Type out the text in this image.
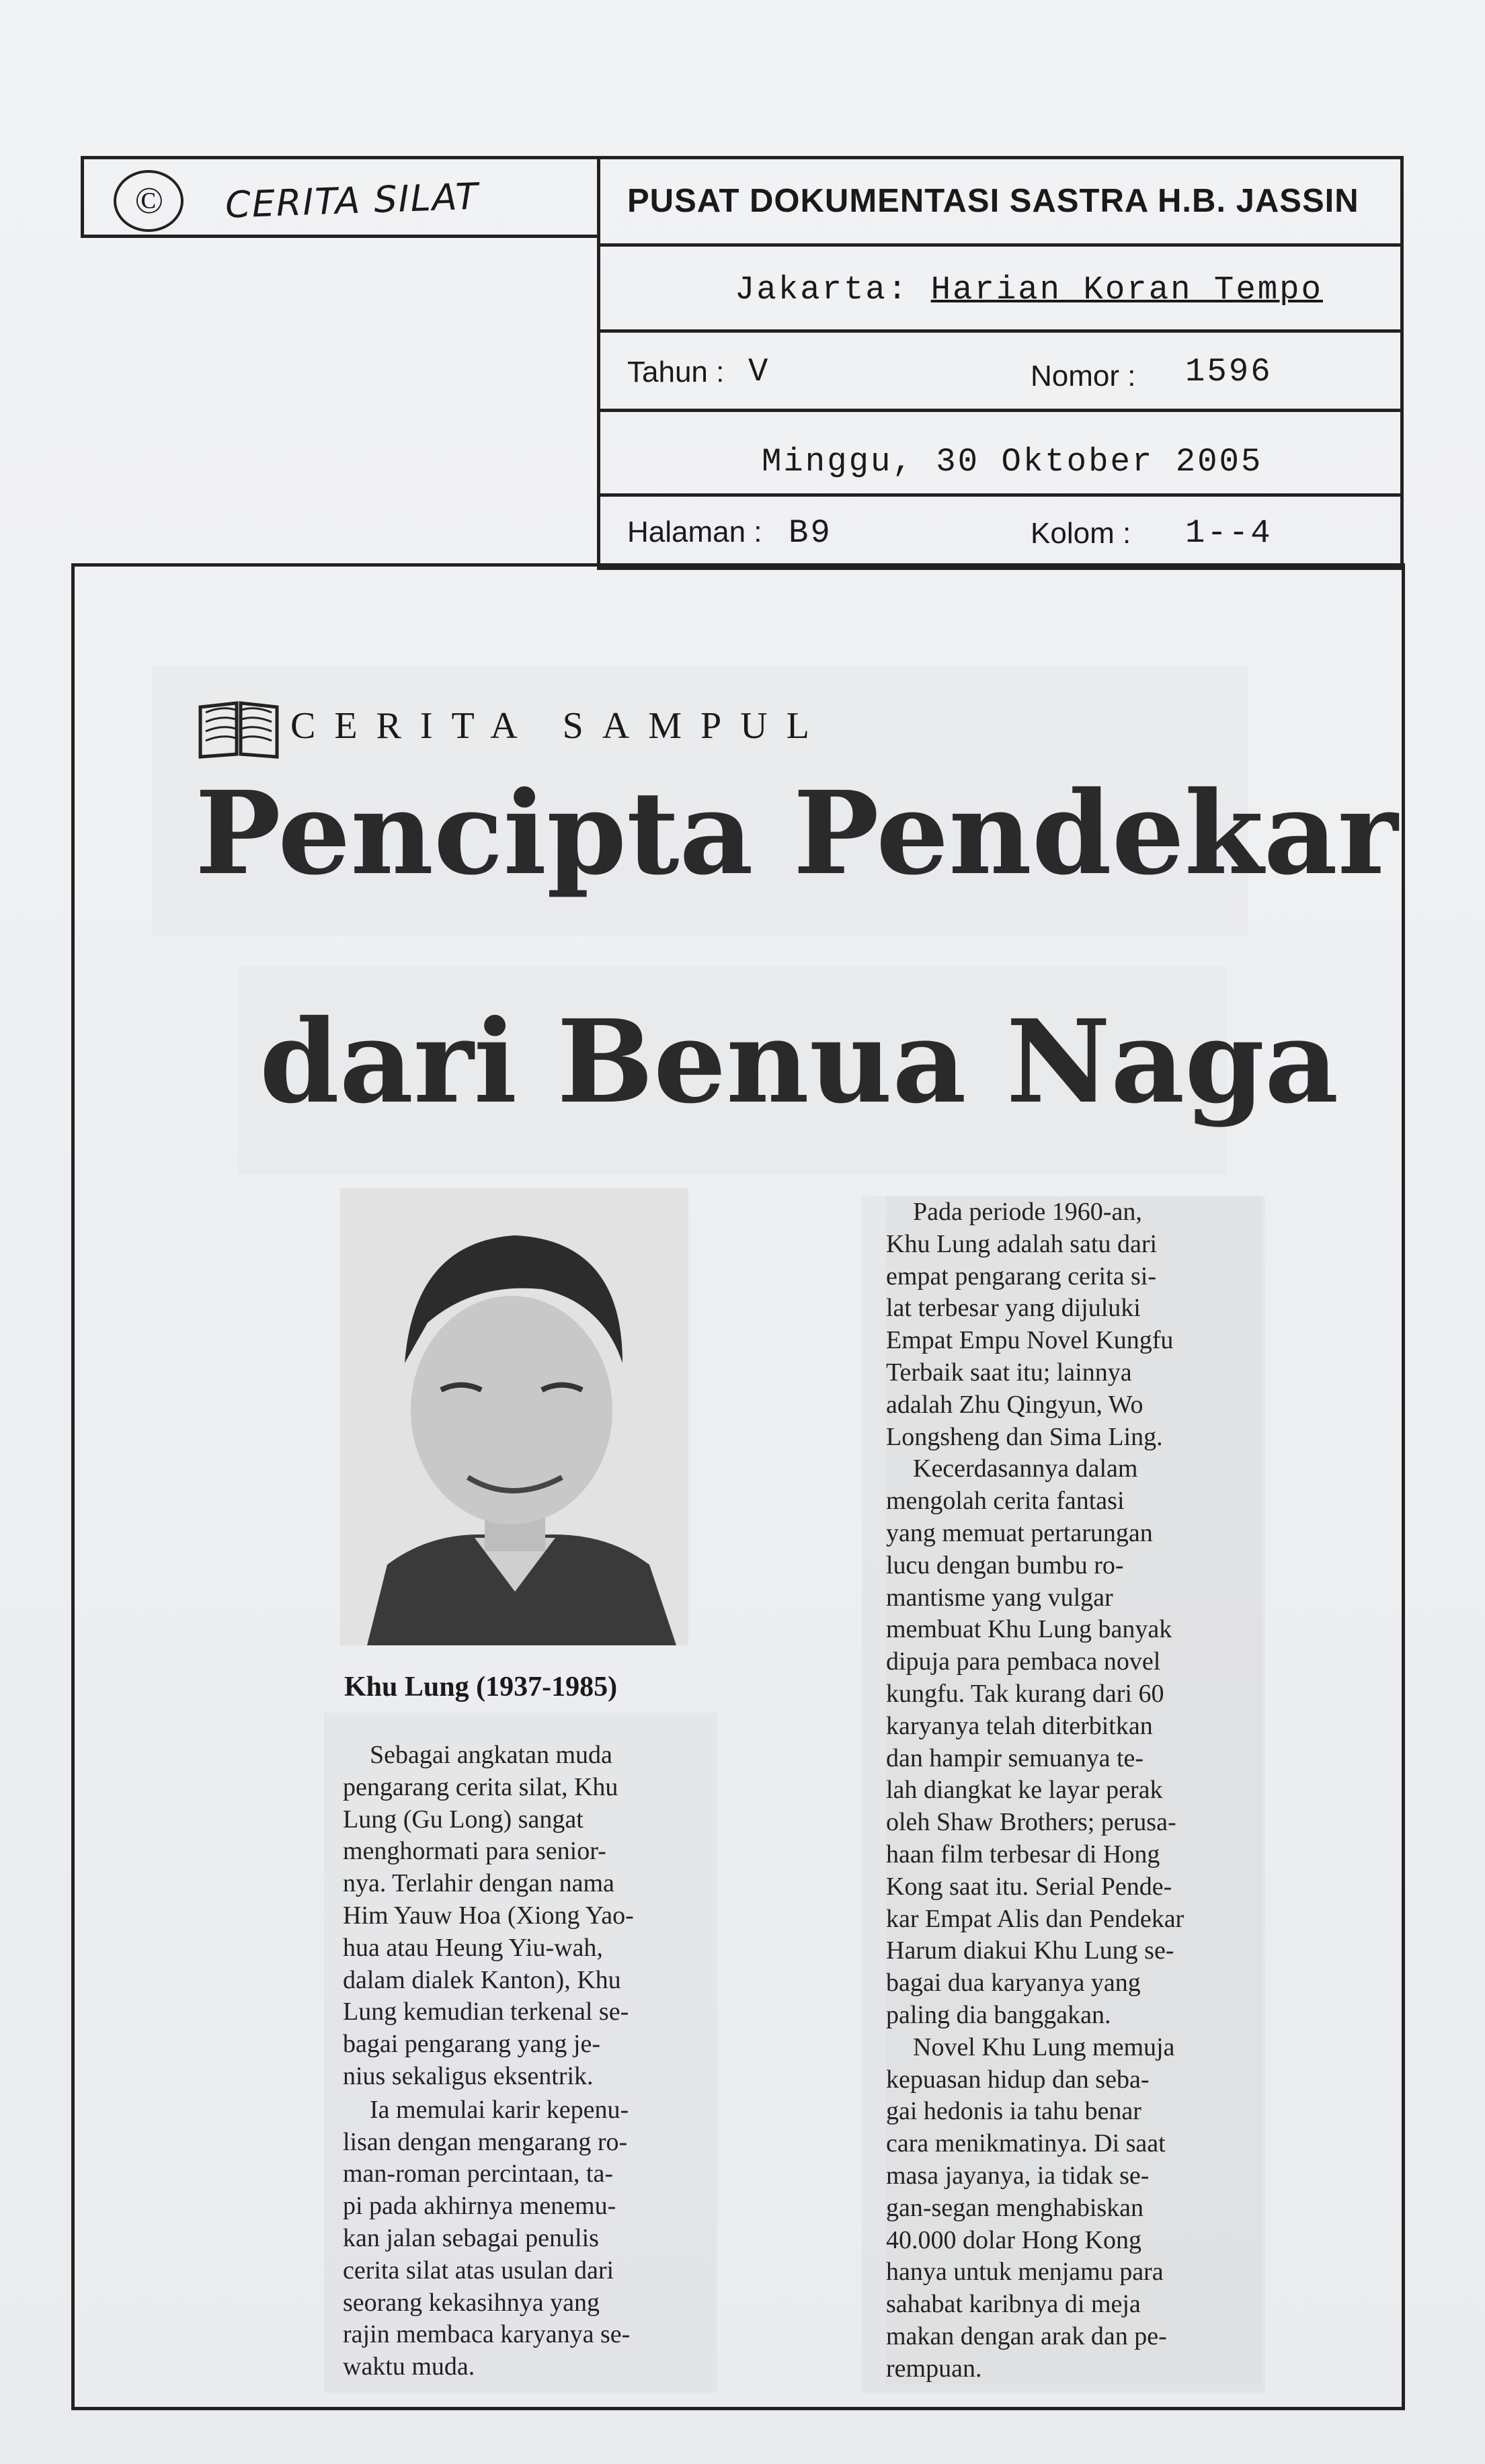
© CERITA SILAT	PUSAT DOKUMENTASI SASTRA H.B. JASSIN
Jakarta: Harian Koran Tempo
Tahun : V	Nomor : 1596
Minggu, 30 Oktober 2005
Halaman : B9	Kolom : 1--4
CERITA SAMPUL
Pencipta Pendekar
dari Benua Naga
Khu Lung (1937-1985)

Sebagai angkatan muda
pengarang cerita silat, Khu
Lung (Gu Long) sangat
menghormati para senior-
nya. Terlahir dengan nama
Him Yauw Hoa (Xiong Yao-
hua atau Heung Yiu-wah,
dalam dialek Kanton), Khu
Lung kemudian terkenal se-
bagai pengarang yang je-
nius sekaligus eksentrik.

Ia memulai karir kepenu-
lisan dengan mengarang ro-
man-roman percintaan, ta-
pi pada akhirnya menemu-
kan jalan sebagai penulis
cerita silat atas usulan dari
seorang kekasihnya yang
rajin membaca karyanya se-
waktu muda.

Pada periode 1960-an,
Khu Lung adalah satu dari
empat pengarang cerita si-
lat terbesar yang dijuluki
Empat Empu Novel Kungfu
Terbaik saat itu; lainnya
adalah Zhu Qingyun, Wo
Longsheng dan Sima Ling.

Kecerdasannya dalam
mengolah cerita fantasi
yang memuat pertarungan
lucu dengan bumbu ro-
mantisme yang vulgar
membuat Khu Lung banyak
dipuja para pembaca novel
kungfu. Tak kurang dari 60
karyanya telah diterbitkan
dan hampir semuanya te-
lah diangkat ke layar perak
oleh Shaw Brothers; perusa-
haan film terbesar di Hong
Kong saat itu. Serial Pende-
kar Empat Alis dan Pendekar
Harum diakui Khu Lung se-
bagai dua karyanya yang
paling dia banggakan.

Novel Khu Lung memuja
kepuasan hidup dan seba-
gai hedonis ia tahu benar
cara menikmatinya. Di saat
masa jayanya, ia tidak se-
gan-segan menghabiskan
40.000 dolar Hong Kong
hanya untuk menjamu para
sahabat karibnya di meja
makan dengan arak dan pe-
rempuan.
